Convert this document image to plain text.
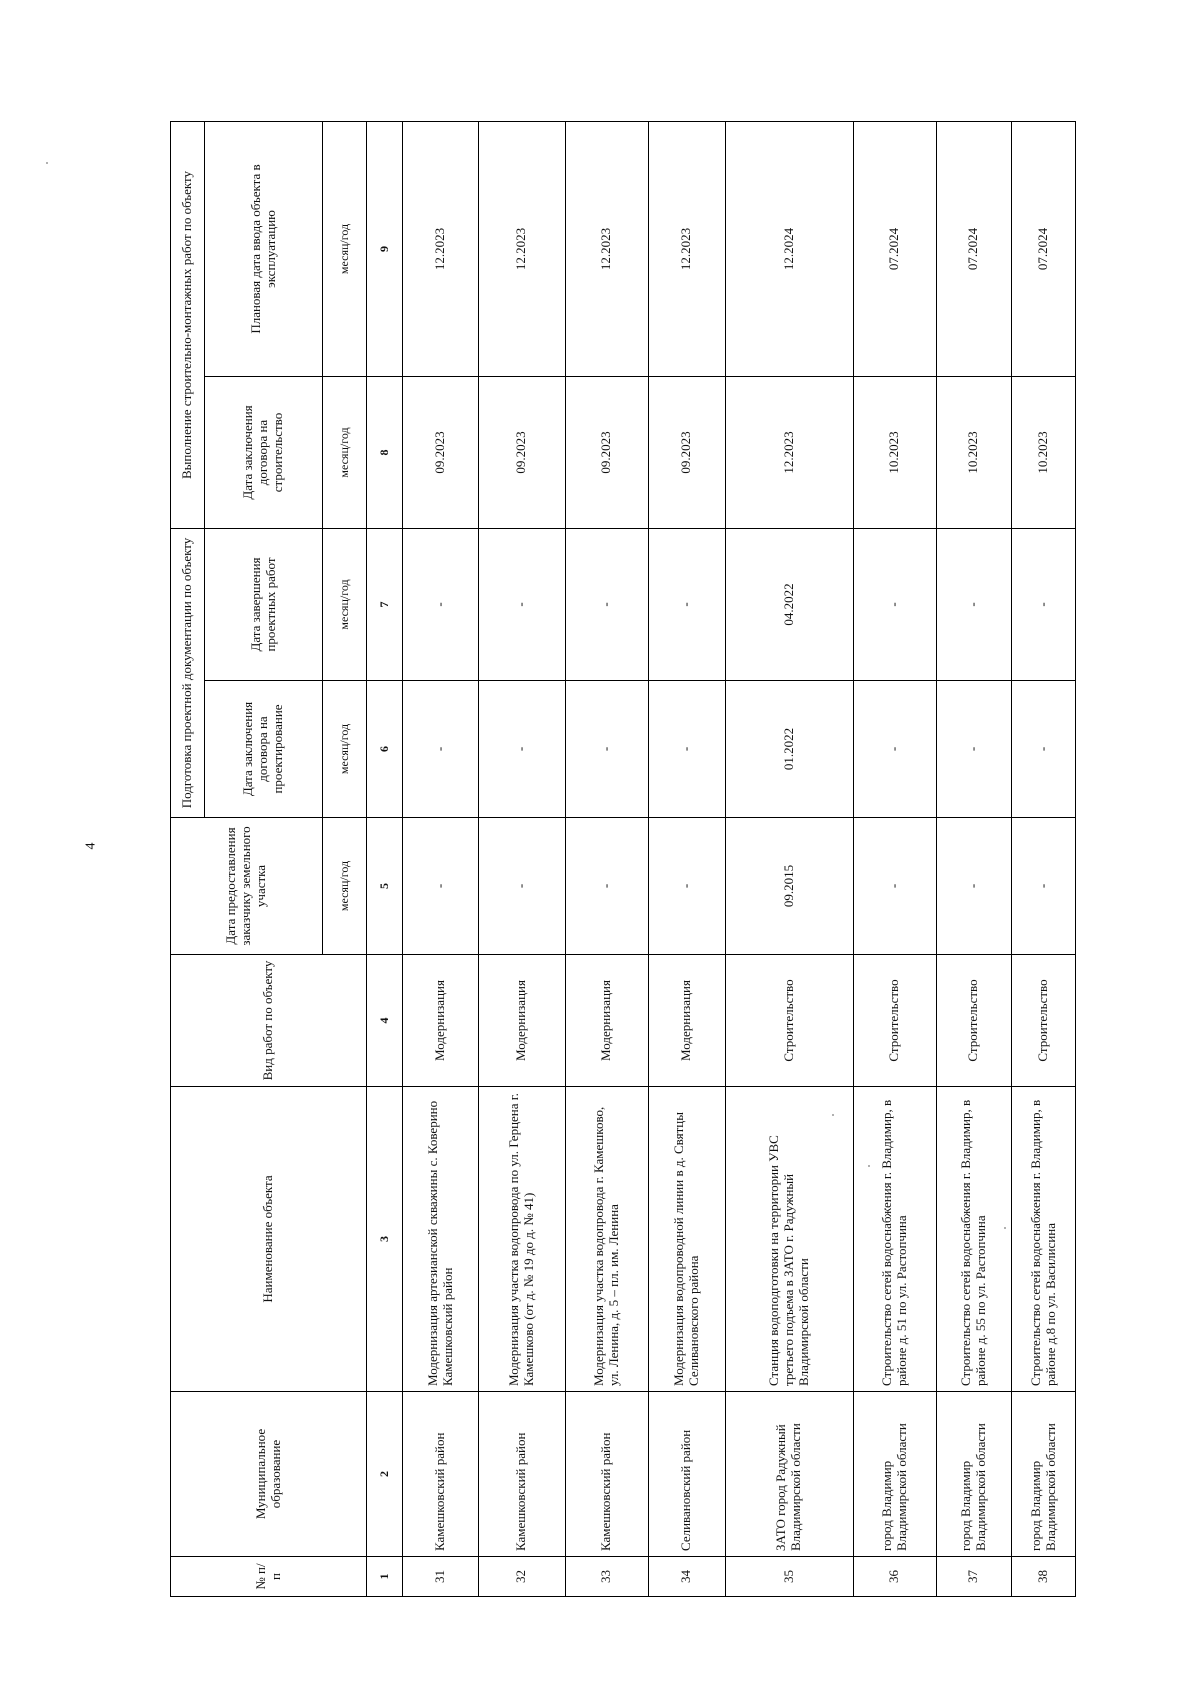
4
№ п/п	Муниципальное образование	Наименование объекта	Вид работ по объекту	Дата предоставления заказчику земельного участка	Подготовка проектной документации по объекту		Выполнение строительно-монтажных работ по объекту	
					Дата заключения договора на проектирование	Дата завершения проектных работ	Дата заключения договора на строительство	Плановая дата ввода объекта в эксплуатацию
				месяц/год	месяц/год	месяц/год	месяц/год	месяц/год
1	2	3	4	5	6	7	8	9
31	Камешковский район	Модернизация артезианской скважины с. Коверино Камешковский район	Модернизация	-	-	-	09.2023	12.2023
32	Камешковский район	Модернизация участка водопровода по ул. Герцена г. Камешково (от д. № 19 до д. № 41)	Модернизация	-	-	-	09.2023	12.2023
33	Камешковский район	Модернизация участка водопровода г. Камешково, ул. Ленина, д. 5 – пл. им. Ленина	Модернизация	-	-	-	09.2023	12.2023
34	Селивановский район	Модернизация водопроводной линии в д. Святцы Селивановского района	Модернизация	-	-	-	09.2023	12.2023
35	ЗАТО город Радужный Владимирской области	Станция водоподготовки на территории УВС третьего подъема в ЗАТО г. Радужный Владимирской области	Строительство	09.2015	01.2022	04.2022	12.2023	12.2024
36	город Владимир Владимирской области	Строительство сетей водоснабжения г. Владимир, в районе д. 51 по ул. Растопчина	Строительство	-	-	-	10.2023	07.2024
37	город Владимир Владимирской области	Строительство сетей водоснабжения г. Владимир, в районе д. 55 по ул. Растопчина	Строительство	-	-	-	10.2023	07.2024
38	город Владимир Владимирской области	Строительство сетей водоснабжения г. Владимир, в районе д.8 по ул. Василисина	Строительство	-	-	-	10.2023	07.2024
